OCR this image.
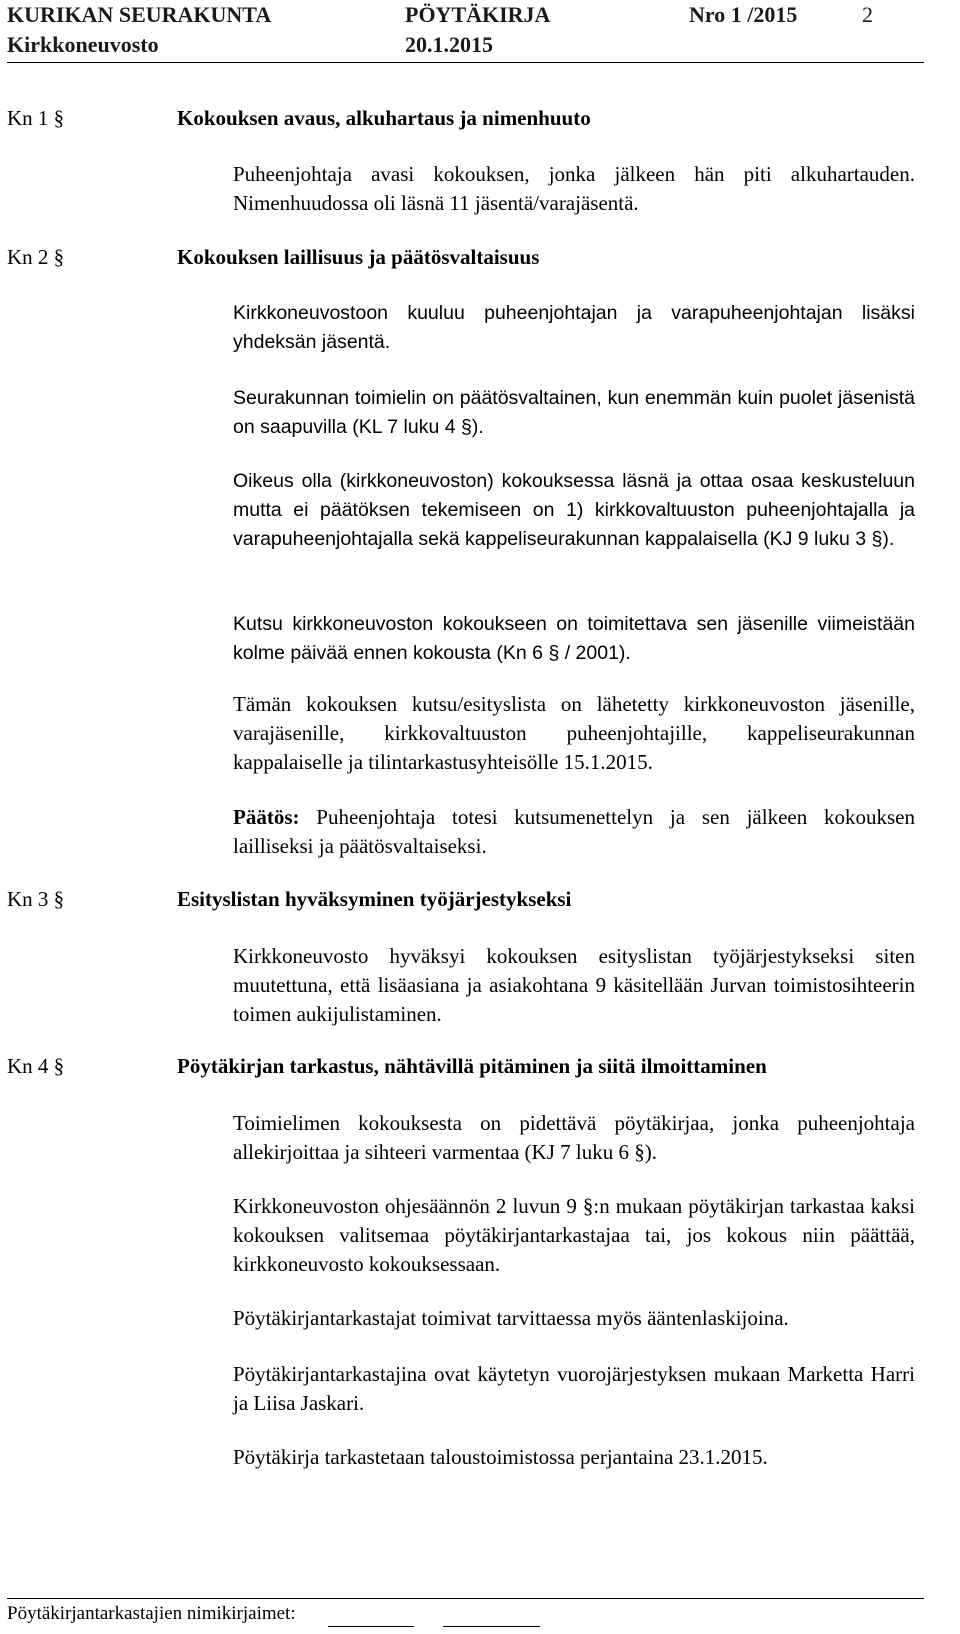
KURIKAN SEURAKUNTA	PÖYTÄKIRJA	Nro 1 /2015	2
Kirkkoneuvosto	20.1.2015
Kn 1 §	Kokouksen avaus, alkuhartaus ja nimenhuuto
Puheenjohtaja avasi kokouksen, jonka jälkeen hän piti alkuhartauden. Nimenhuudossa oli läsnä 11 jäsentä/varajäsentä.
Kn 2 §	Kokouksen laillisuus ja päätösvaltaisuus
Kirkkoneuvostoon kuuluu puheenjohtajan ja varapuheenjohtajan lisäksi yhdeksän jäsentä.
Seurakunnan toimielin on päätösvaltainen, kun enemmän kuin puolet jäsenistä on saapuvilla (KL 7 luku 4 §).
Oikeus olla (kirkkoneuvoston) kokouksessa läsnä ja ottaa osaa keskusteluun mutta ei päätöksen tekemiseen on 1) kirkkovaltuuston puheenjohtajalla ja varapuheenjohtajalla sekä kappeliseurakunnan kappalaisella (KJ 9 luku 3 §).
Kutsu kirkkoneuvoston kokoukseen on toimitettava sen jäsenille viimeistään kolme päivää ennen kokousta (Kn 6 § / 2001).
Tämän kokouksen kutsu/esityslista on lähetetty kirkkoneuvoston jäsenille, varajäsenille, kirkkovaltuuston puheenjohtajille, kappeliseurakunnan kappalaiselle ja tilintarkastusyhteisölle 15.1.2015.
Päätös: Puheenjohtaja totesi kutsumenettelyn ja sen jälkeen kokouksen lailliseksi ja päätösvaltaiseksi.
Kn 3 §	Esityslistan hyväksyminen työjärjestykseksi
Kirkkoneuvosto hyväksyi kokouksen esityslistan työjärjestykseksi siten muutettuna, että lisäasiana ja asiakohtana 9 käsitellään Jurvan toimistosihteerin toimen aukijulistaminen.
Kn 4 §	Pöytäkirjan tarkastus, nähtävillä pitäminen ja siitä ilmoittaminen
Toimielimen kokouksesta on pidettävä pöytäkirjaa, jonka puheenjohtaja allekirjoittaa ja sihteeri varmentaa (KJ 7 luku 6 §).
Kirkkoneuvoston ohjesäännön 2 luvun 9 §:n mukaan pöytäkirjan tarkastaa kaksi kokouksen valitsemaa pöytäkirjantarkastajaa tai, jos kokous niin päättää, kirkkoneuvosto kokouksessaan.
Pöytäkirjantarkastajat toimivat tarvittaessa myös ääntenlaskijoina.
Pöytäkirjantarkastajina ovat käytetyn vuorojärjestyksen mukaan Marketta Harri ja Liisa Jaskari.
Pöytäkirja tarkastetaan taloustoimistossa perjantaina 23.1.2015.
Pöytäkirjantarkastajien nimikirjaimet:
